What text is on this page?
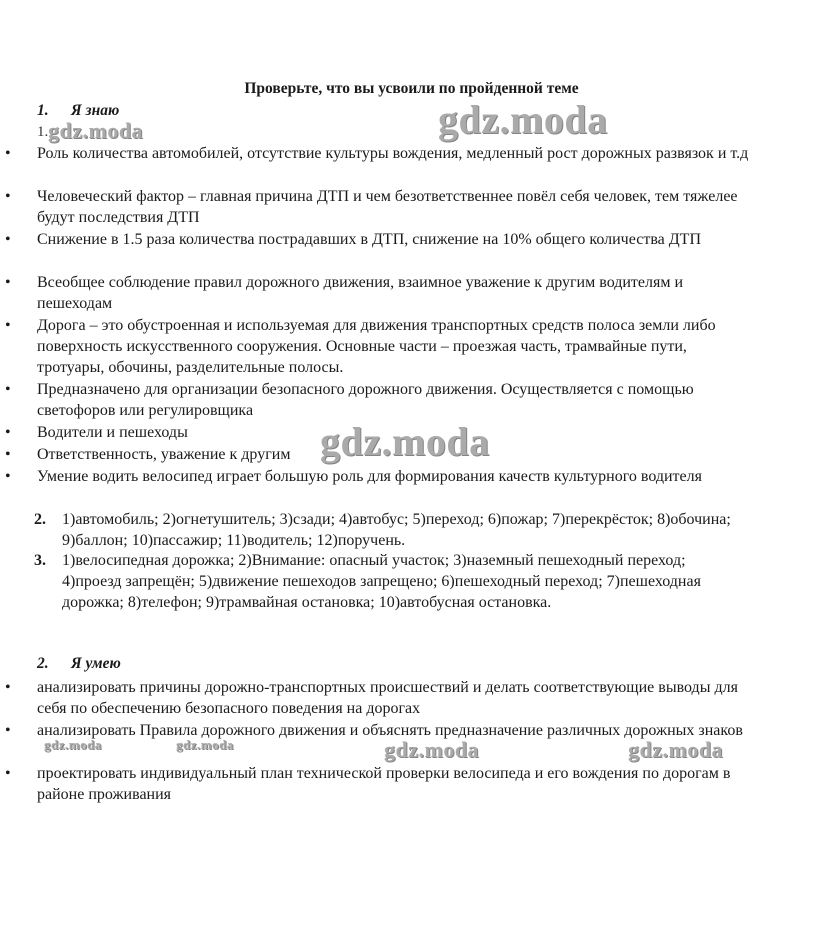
Проверьте, что вы усвоили по пройденной теме
1. Я знаю
1.
• Роль количества автомобилей, отсутствие культуры вождения, медленный рост дорожных развязок и т.д
• Человеческий фактор – главная причина ДТП и чем безответственнее повёл себя человек, тем тяжелее будут последствия ДТП
• Снижение в 1.5 раза количества пострадавших в ДТП, снижение на 10% общего количества ДТП
• Всеобщее соблюдение правил дорожного движения, взаимное уважение к другим водителям и пешеходам
• Дорога – это обустроенная и используемая для движения транспортных средств полоса земли либо поверхность искусственного сооружения. Основные части – проезжая часть, трамвайные пути, тротуары, обочины, разделительные полосы.
• Предназначено для организации безопасного дорожного движения. Осуществляется с помощью светофоров или регулировщика
• Водители и пешеходы
• Ответственность, уважение к другим
• Умение водить велосипед играет большую роль для формирования качеств культурного водителя
2. 1)автомобиль; 2)огнетушитель; 3)сзади; 4)автобус; 5)переход; 6)пожар; 7)перекрёсток; 8)обочина; 9)баллон; 10)пассажир; 11)водитель; 12)поручень.
3. 1)велосипедная дорожка; 2)Внимание: опасный участок; 3)наземный пешеходный переход; 4)проезд запрещён; 5)движение пешеходов запрещено; 6)пешеходный переход; 7)пешеходная дорожка; 8)телефон; 9)трамвайная остановка; 10)автобусная остановка.
2. Я умею
• анализировать причины дорожно-транспортных происшествий и делать соответствующие выводы для себя по обеспечению безопасного поведения на дорогах
• анализировать Правила дорожного движения и объяснять предназначение различных дорожных знаков
• проектировать индивидуальный план технической проверки велосипеда и его вождения по дорогам в районе проживания
gdz.moda
gdz.moda
gdz.moda
gdz.moda	gdz.moda	gdz.moda	gdz.moda
